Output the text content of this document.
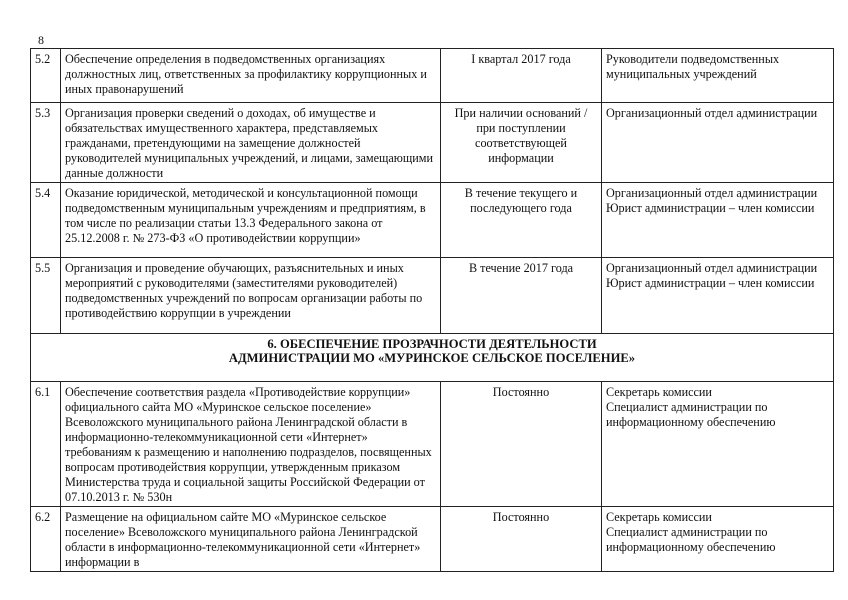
8
5.2	Обеспечение определения в подведомственных организациях должностных лиц, ответственных за профилактику коррупционных и иных правонарушений	I квартал 2017 года	Руководители подведомственных муниципальных учреждений

5.3	Организация проверки сведений о доходах, об имуществе и обязательствах имущественного характера, представляемых гражданами, претендующими на замещение должностей руководителей муниципальных учреждений, и лицами, замещающими данные должности	При наличии оснований / при поступлении соответствующей информации	Организационный отдел администрации

5.4	Оказание юридической, методической и консультационной помощи подведомственным муниципальным учреждениям и предприятиям, в том числе по реализации статьи 13.3 Федерального закона от 25.12.2008 г. № 273-ФЗ «О противодействии коррупции»	В течение текущего и последующего года	Организационный отдел администрации
Юрист администрации – член комиссии

5.5	Организация и проведение обучающих, разъяснительных и иных мероприятий с руководителями (заместителями руководителей) подведомственных учреждений по вопросам организации работы по противодействию коррупции в учреждении	В течение 2017 года	Организационный отдел администрации
Юрист администрации – член комиссии

6. ОБЕСПЕЧЕНИЕ ПРОЗРАЧНОСТИ ДЕЯТЕЛЬНОСТИ
АДМИНИСТРАЦИИ МО «МУРИНСКОЕ СЕЛЬСКОЕ ПОСЕЛЕНИЕ»			

6.1	Обеспечение соответствия раздела «Противодействие коррупции» официального сайта МО «Муринское сельское поселение» Всеволожского муниципального района Ленинградской области в информационно-телекоммуникационной сети «Интернет» требованиям к размещению и наполнению подразделов, посвященных вопросам противодействия коррупции, утвержденным приказом Министерства труда и социальной защиты Российской Федерации от 07.10.2013 г. № 530н	Постоянно	Секретарь комиссии
Специалист администрации по информационному обеспечению

6.2	Размещение на официальном сайте МО «Муринское сельское поселение» Всеволожского муниципального района Ленинградской области в информационно-телекоммуникационной сети «Интернет» информации в	Постоянно	Секретарь комиссии
Специалист администрации по информационному обеспечению
